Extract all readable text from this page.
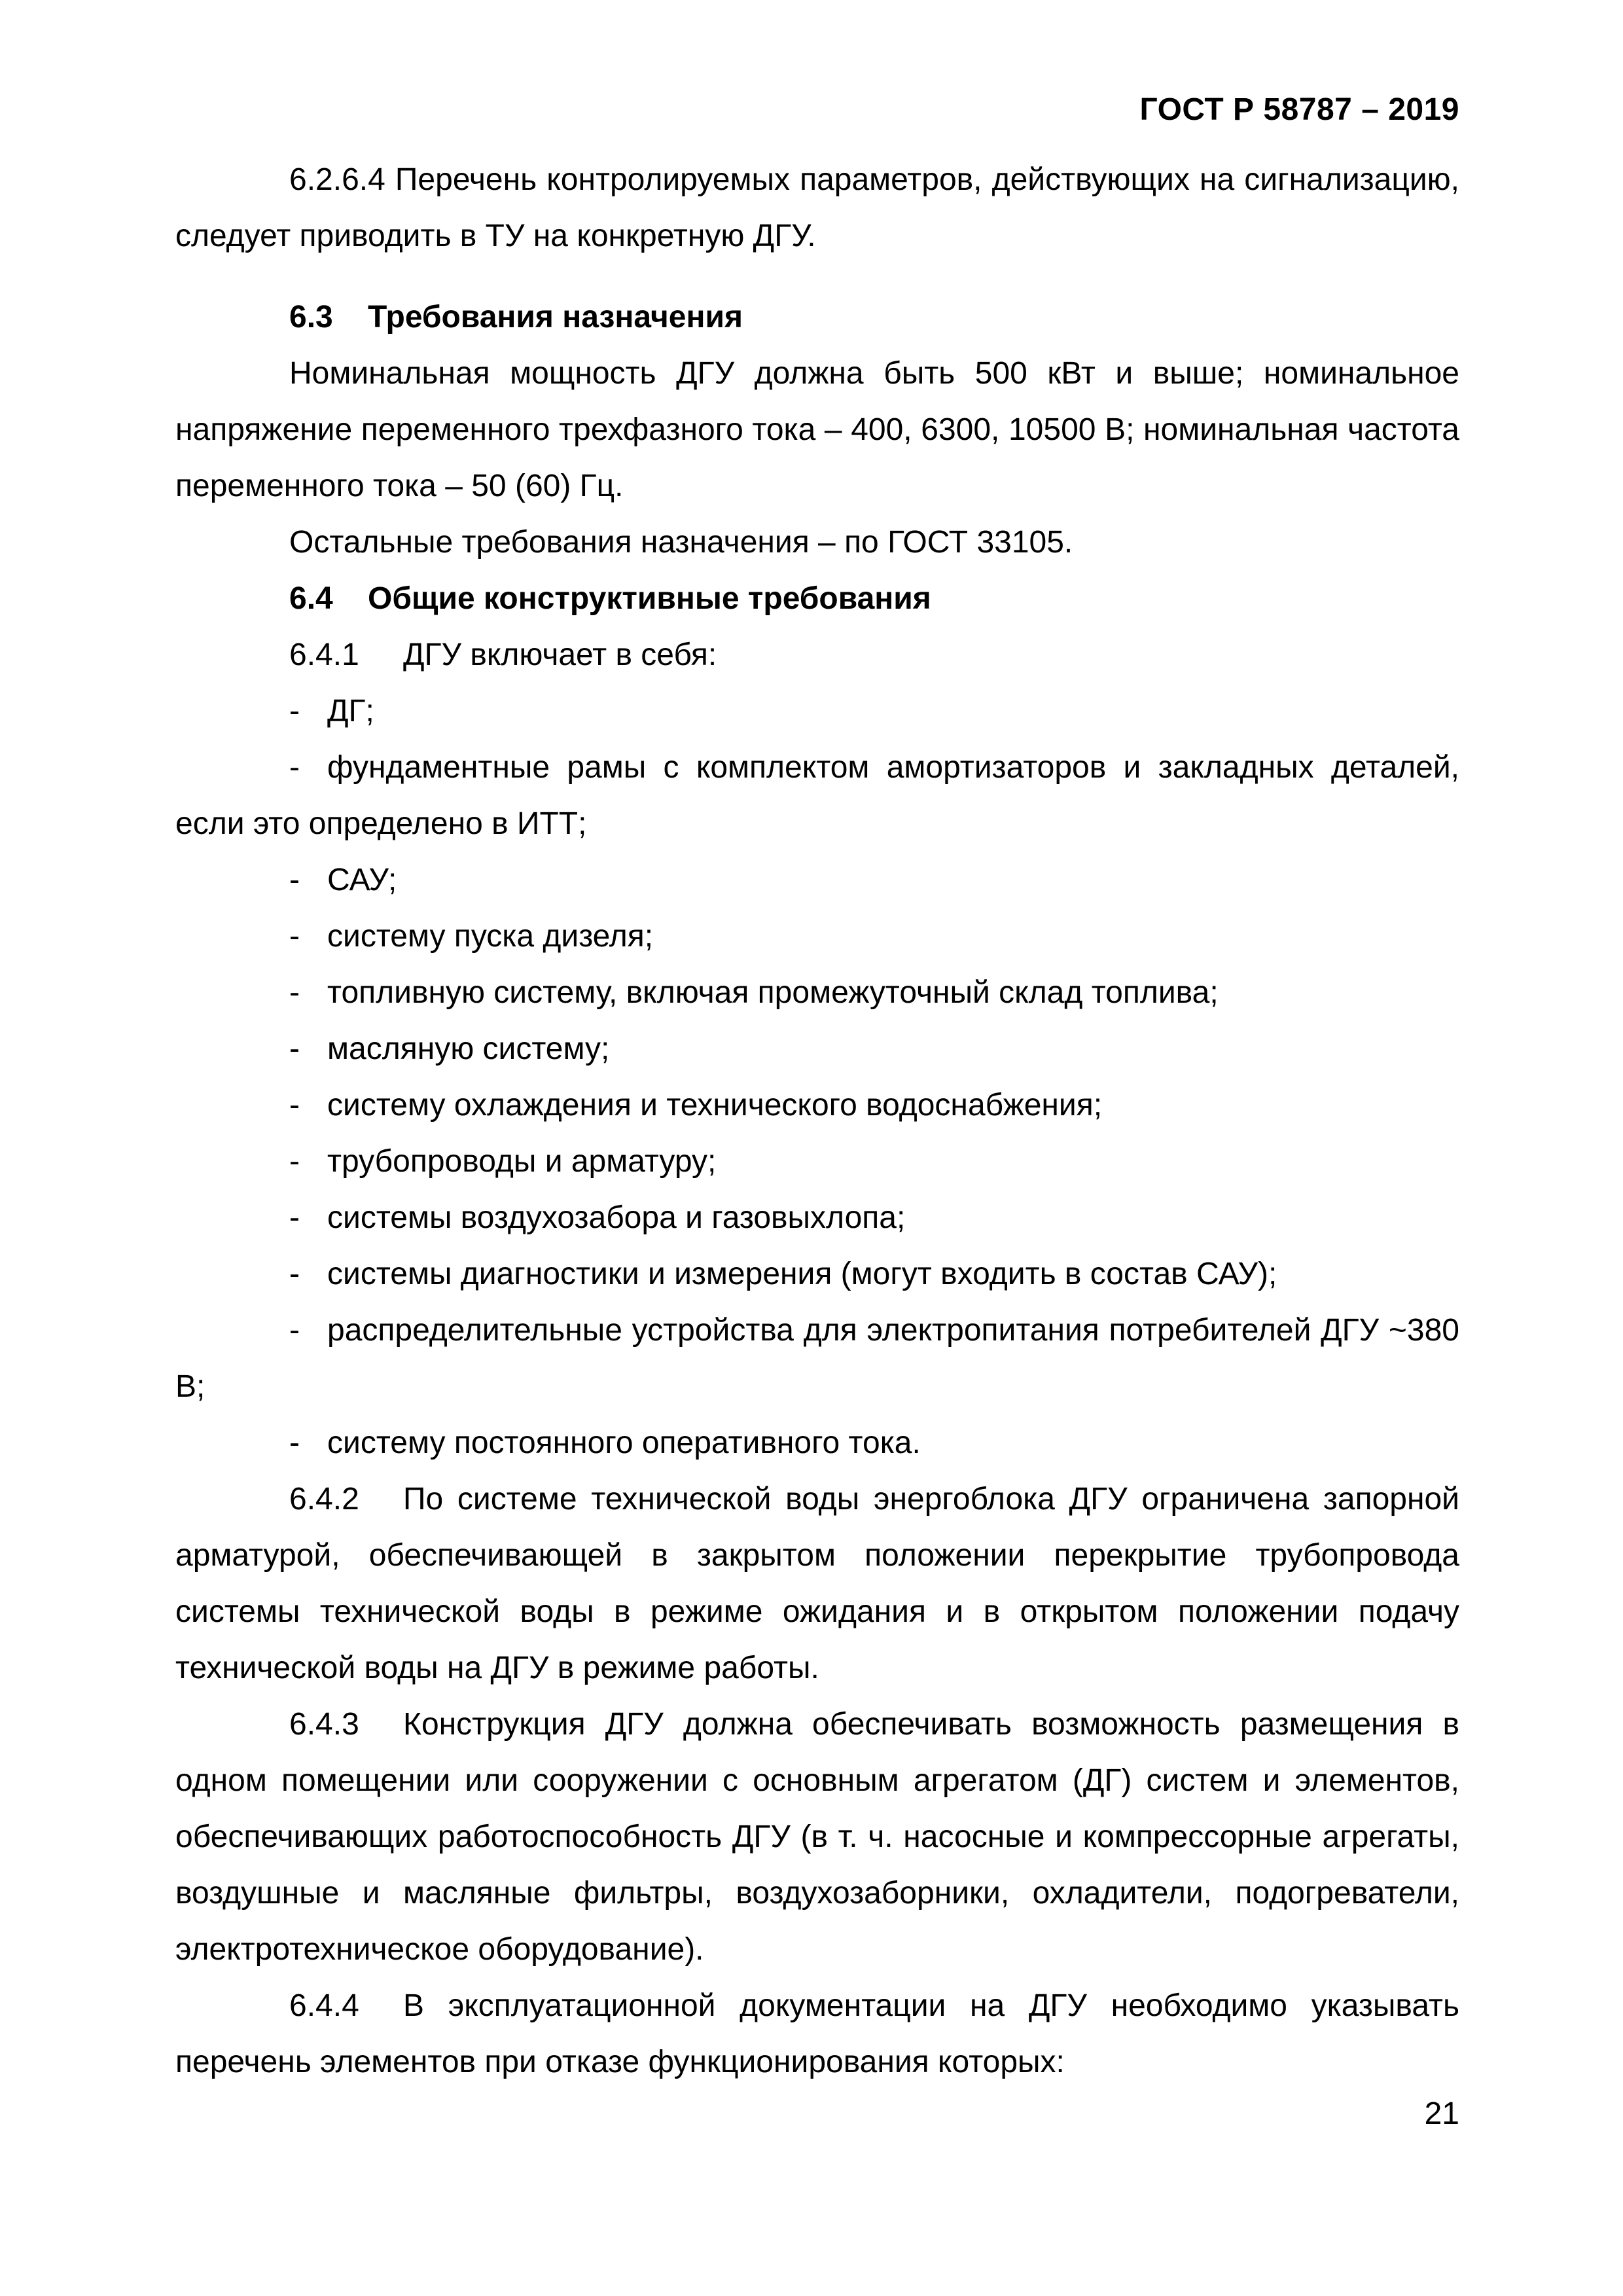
ГОСТ Р 58787 – 2019

6.2.6.4 Перечень контролируемых параметров, действующих на сигнализацию, следует приводить в ТУ на конкретную ДГУ.

6.3 Требования назначения

Номинальная мощность ДГУ должна быть 500 кВт и выше; номинальное напряжение переменного трехфазного тока – 400, 6300, 10500 В; номинальная частота переменного тока – 50 (60) Гц.

Остальные требования назначения – по ГОСТ 33105.

6.4 Общие конструктивные требования

6.4.1 ДГУ включает в себя:

- ДГ;

- фундаментные рамы с комплектом амортизаторов и закладных деталей, если это определено в ИТТ;

- САУ;

- систему пуска дизеля;

- топливную систему, включая промежуточный склад топлива;

- масляную систему;

- систему охлаждения и технического водоснабжения;

- трубопроводы и арматуру;

- системы воздухозабора и газовыхлопа;

- системы диагностики и измерения (могут входить в состав САУ);

- распределительные устройства для электропитания потребителей ДГУ ~380 В;

- систему постоянного оперативного тока.

6.4.2 По системе технической воды энергоблока ДГУ ограничена запорной арматурой, обеспечивающей в закрытом положении перекрытие трубопровода системы технической воды в режиме ожидания и в открытом положении подачу технической воды на ДГУ в режиме работы.

6.4.3 Конструкция ДГУ должна обеспечивать возможность размещения в одном помещении или сооружении с основным агрегатом (ДГ) систем и элементов, обеспечивающих работоспособность ДГУ (в т. ч. насосные и компрессорные агрегаты, воздушные и масляные фильтры, воздухозаборники, охладители, подогреватели, электротехническое оборудование).

6.4.4 В эксплуатационной документации на ДГУ необходимо указывать перечень элементов при отказе функционирования которых:

21
